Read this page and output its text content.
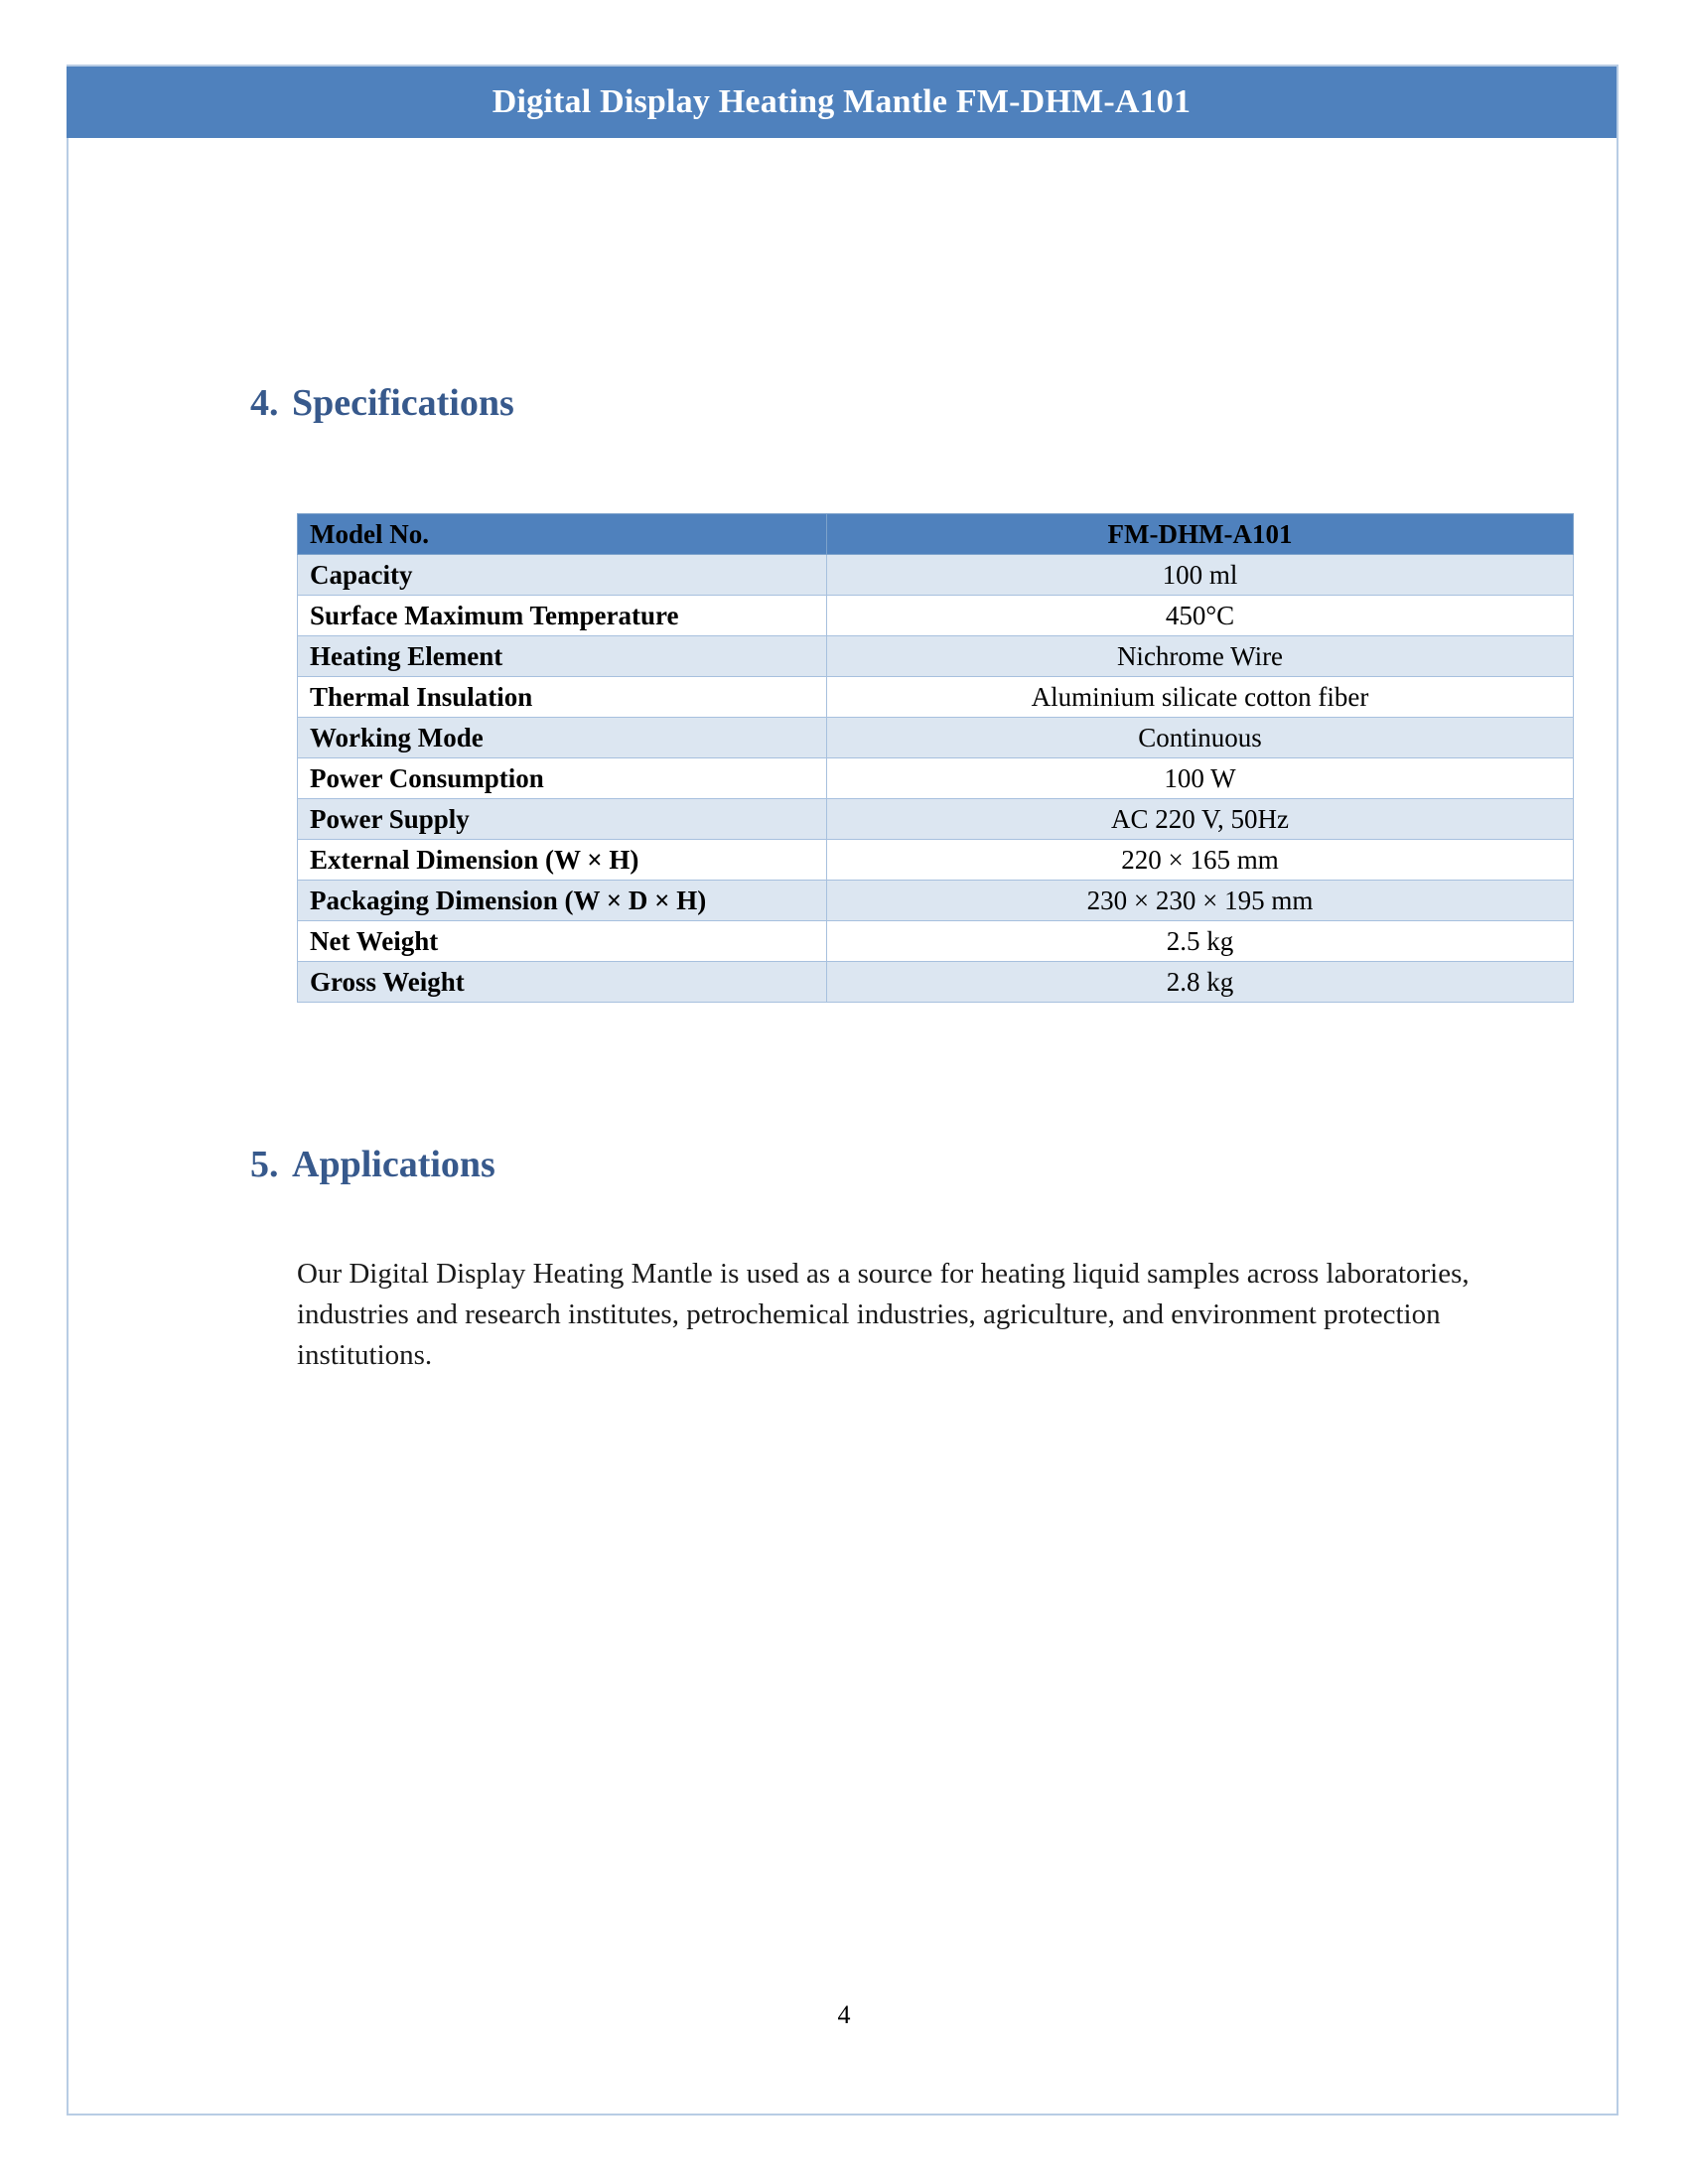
Digital Display Heating Mantle FM-DHM-A101
4. Specifications
Model No.	FM-DHM-A101
Capacity	100 ml
Surface Maximum Temperature	450°C
Heating Element	Nichrome Wire
Thermal Insulation	Aluminium silicate cotton fiber
Working Mode	Continuous
Power Consumption	100 W
Power Supply	AC 220 V, 50Hz
External Dimension (W × H)	220 × 165 mm
Packaging Dimension (W × D × H)	230 × 230 × 195 mm
Net Weight	2.5 kg
Gross Weight	2.8 kg
5. Applications

Our Digital Display Heating Mantle is used as a source for heating liquid samples across laboratories, industries and research institutes, petrochemical industries, agriculture, and environment protection institutions.

4
